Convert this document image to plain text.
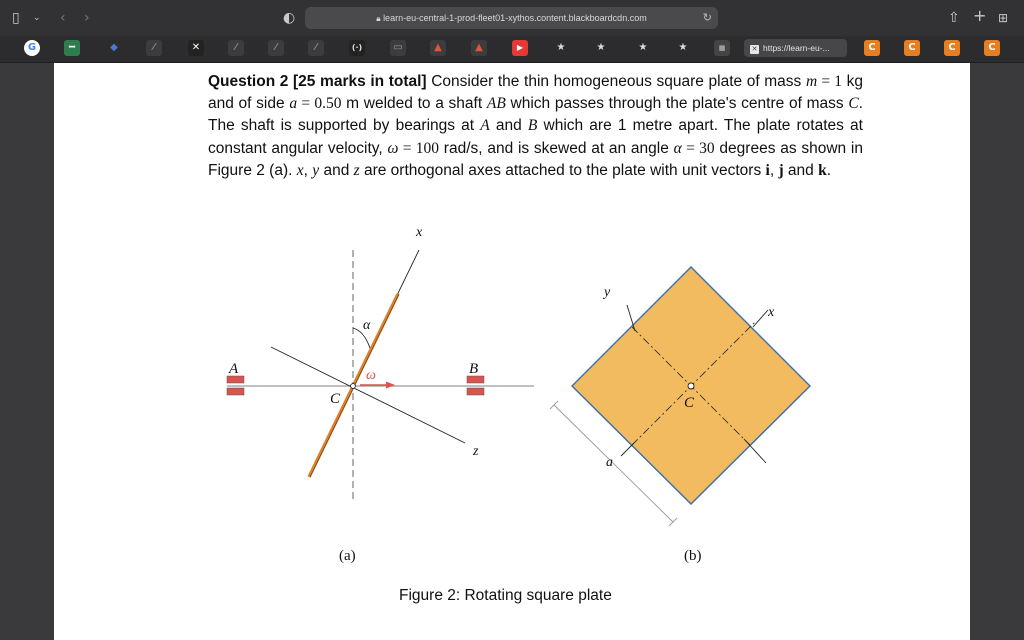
▯ ⌄ ‹ ›	◐	🔒︎ learn-eu-central-1-prod-fleet01-xythos.content.blackboardcdn.com	↻	⇧ + ⊞
G	━	◆	⁄	✕	⁄	⁄	⁄	(·)	▭	▲	▲	▶	★	★	★	★	▦	✕ https://learn-eu-...	C	C	C	C
Question 2 [25 marks in total] Consider the thin homogeneous square plate of mass m = 1 kg and of side a = 0.50 m welded to a shaft AB which passes through the plate's centre of mass C. The shaft is supported by bearings at A and B which are 1 metre apart. The plate rotates at constant angular velocity, ω = 100 rad/s, and is skewed at an angle α = 30 degrees as shown in Figure 2 (a). x, y and z are orthogonal axes attached to the plate with unit vectors i, j and k.
x
α
A	B
ω
C
z
(a)
y
x
C
a
(b)
Figure 2: Rotating square plate
